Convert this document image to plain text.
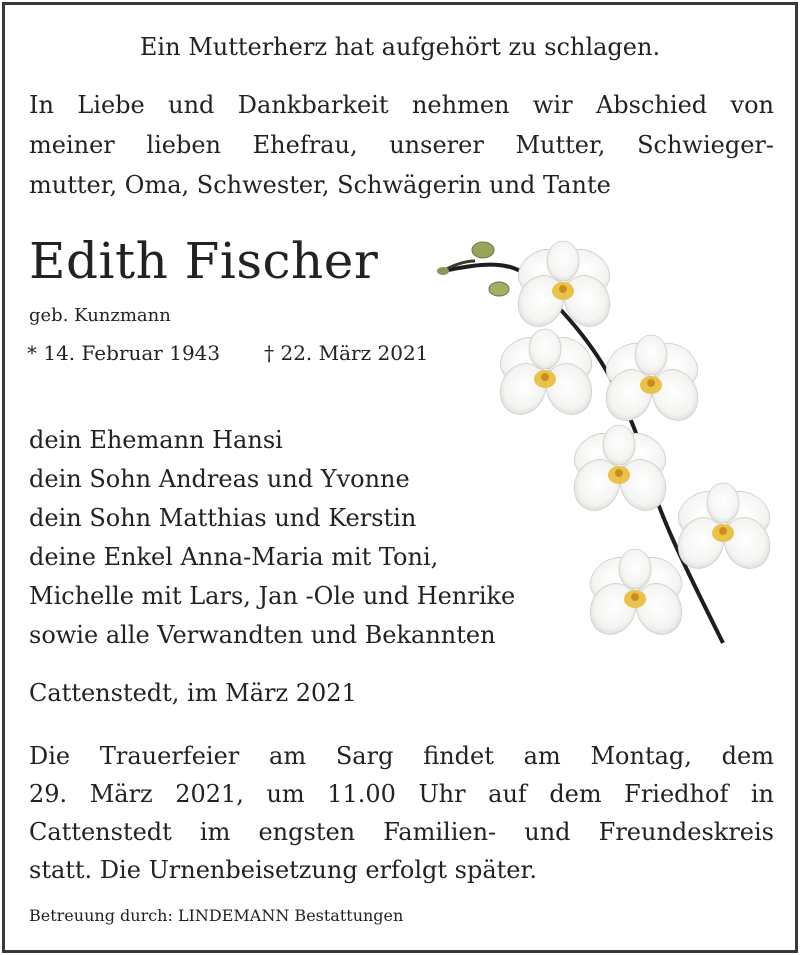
Ein Mutterherz hat aufgehört zu schlagen.

In Liebe und Dankbarkeit nehmen wir Abschied von
meiner lieben Ehefrau, unserer Mutter, Schwieger-
mutter, Oma, Schwester, Schwägerin und Tante
Edith Fischer

geb. Kunzmann

* 14. Februar 1943 † 22. März 2021

dein Ehemann Hansi
dein Sohn Andreas und Yvonne
dein Sohn Matthias und Kerstin
deine Enkel Anna-Maria mit Toni,
Michelle mit Lars, Jan -Ole und Henrike
sowie alle Verwandten und Bekannten

Cattenstedt, im März 2021

Die Trauerfeier am Sarg findet am Montag, dem
29. März 2021, um 11.00 Uhr auf dem Friedhof in
Cattenstedt im engsten Familien- und Freundeskreis
statt. Die Urnenbeisetzung erfolgt später.

Betreuung durch: LINDEMANN Bestattungen
